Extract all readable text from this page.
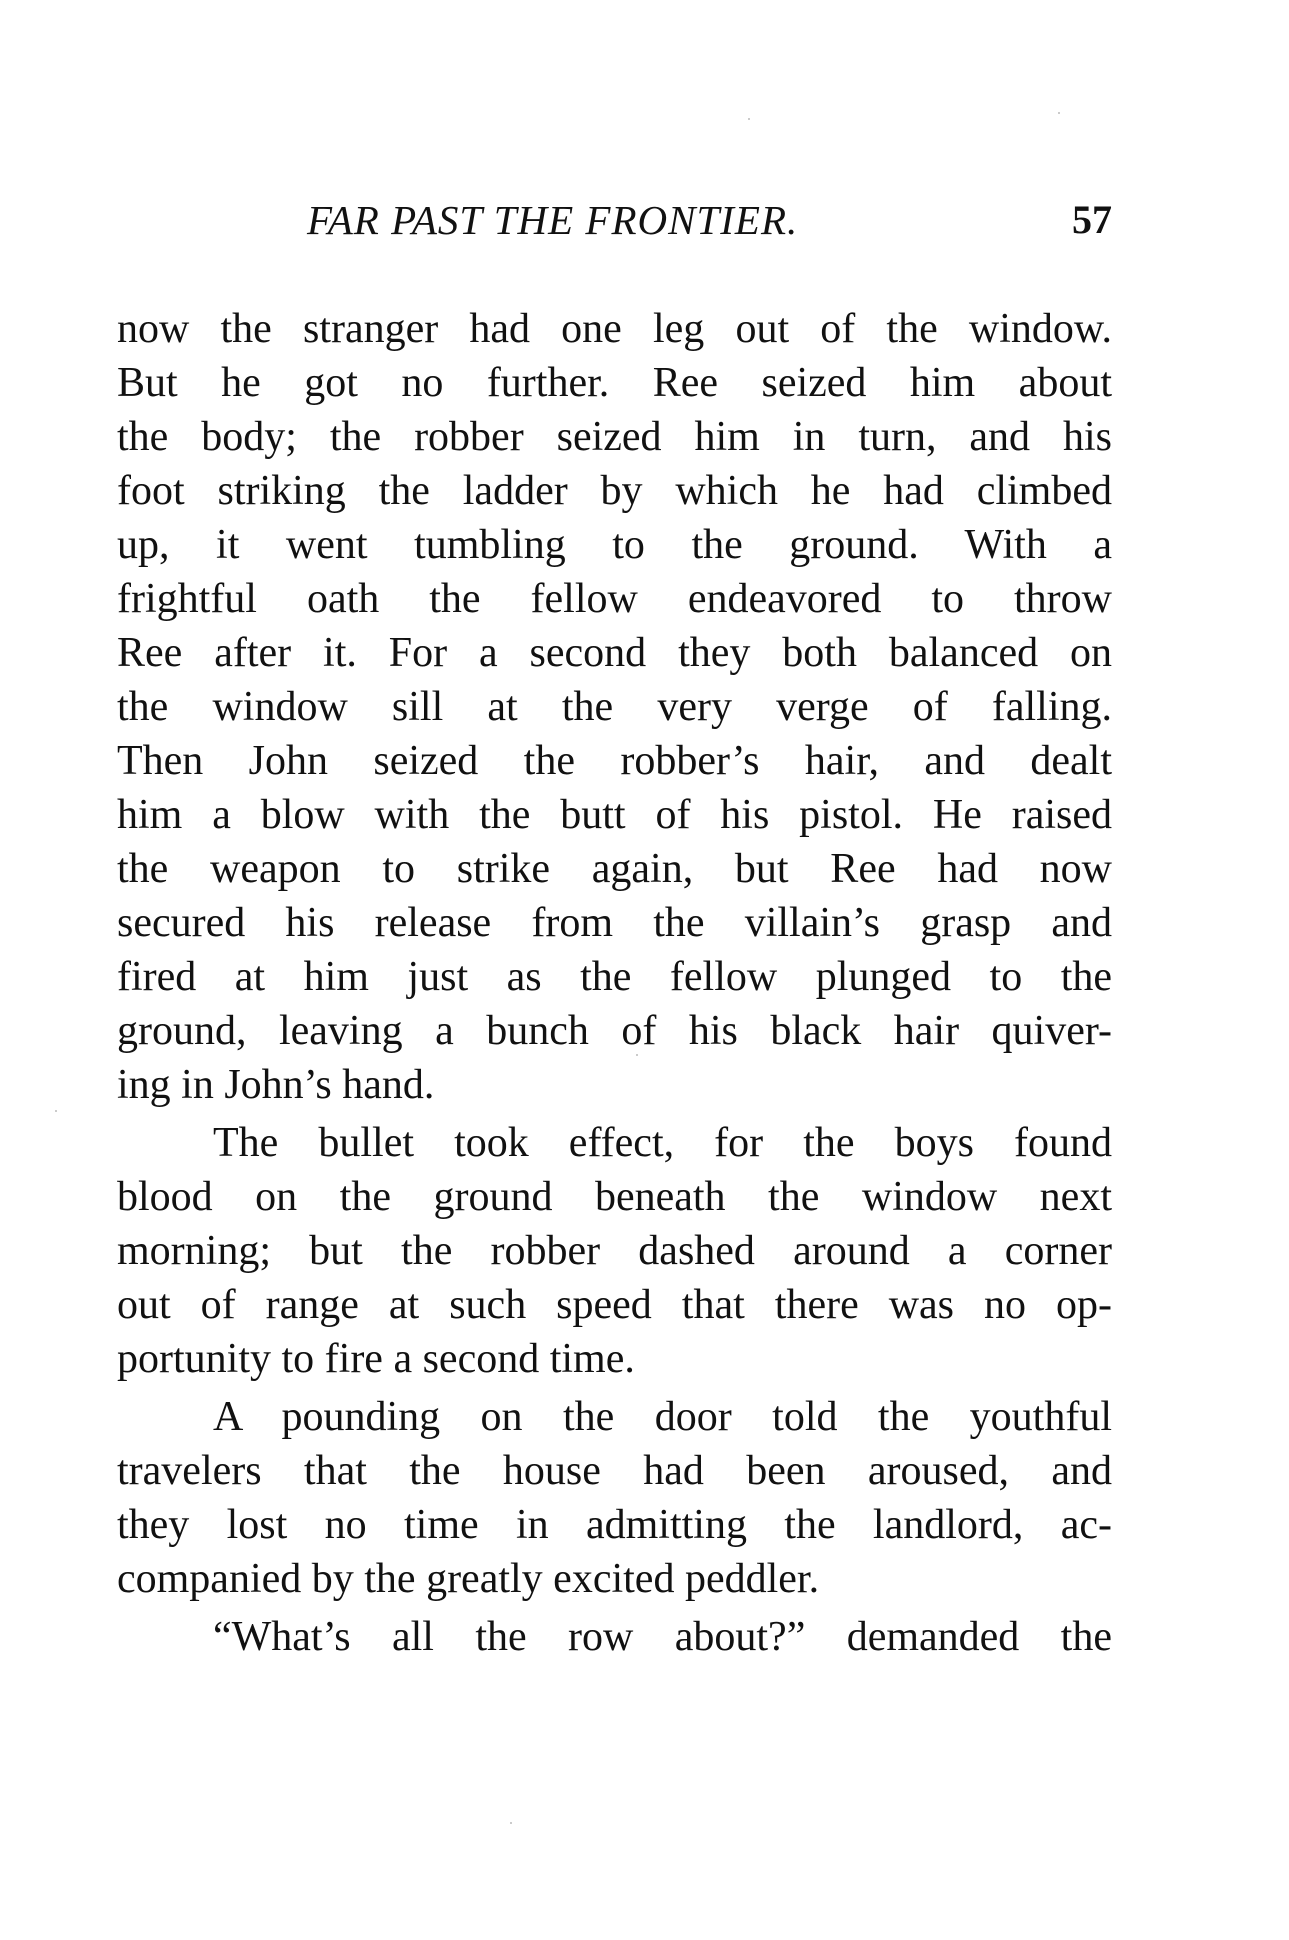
FAR PAST THE FRONTIER.	57
now the stranger had one leg out of the window.
But he got no further. Ree seized him about
the body; the robber seized him in turn, and his
foot striking the ladder by which he had climbed
up, it went tumbling to the ground. With a
frightful oath the fellow endeavored to throw
Ree after it. For a second they both balanced on
the window sill at the very verge of falling.
Then John seized the robber’s hair, and dealt
him a blow with the butt of his pistol. He raised
the weapon to strike again, but Ree had now
secured his release from the villain’s grasp and
fired at him just as the fellow plunged to the
ground, leaving a bunch of his black hair quiver-
ing in John’s hand.
The bullet took effect, for the boys found
blood on the ground beneath the window next
morning; but the robber dashed around a corner
out of range at such speed that there was no op-
portunity to fire a second time.
A pounding on the door told the youthful
travelers that the house had been aroused, and
they lost no time in admitting the landlord, ac-
companied by the greatly excited peddler.
“What’s all the row about?” demanded the
